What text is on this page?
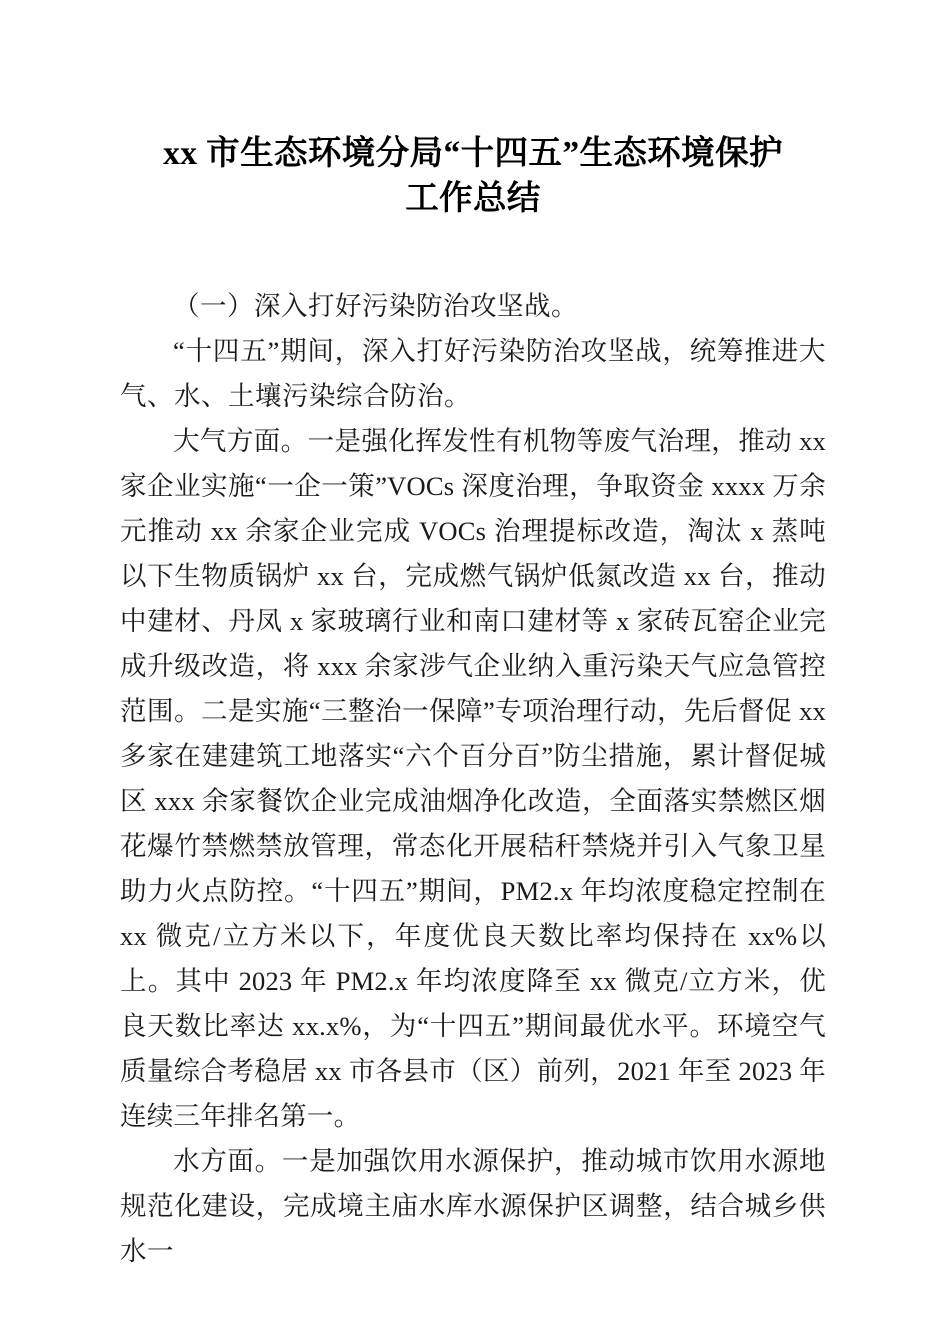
xx 市生态环境分局“十四五”生态环境保护
工作总结

（一）深入打好污染防治攻坚战。

“十四五”期间，深入打好污染防治攻坚战，统筹推进大气、水、土壤污染综合防治。

大气方面。一是强化挥发性有机物等废气治理，推动 xx 家企业实施“一企一策”VOCs 深度治理，争取资金 xxxx 万余元推动 xx 余家企业完成 VOCs 治理提标改造，淘汰 x 蒸吨以下生物质锅炉 xx 台，完成燃气锅炉低氮改造 xx 台，推动中建材、丹凤 x 家玻璃行业和南口建材等 x 家砖瓦窑企业完成升级改造，将 xxx 余家涉气企业纳入重污染天气应急管控范围。二是实施“三整治一保障”专项治理行动，先后督促 xx 多家在建建筑工地落实“六个百分百”防尘措施，累计督促城区 xxx 余家餐饮企业完成油烟净化改造，全面落实禁燃区烟花爆竹禁燃禁放管理，常态化开展秸秆禁烧并引入气象卫星助力火点防控。“十四五”期间，PM2.x 年均浓度稳定控制在 xx 微克/立方米以下，年度优良天数比率均保持在 xx%以上。其中 2023 年 PM2.x 年均浓度降至 xx 微克/立方米，优良天数比率达 xx.x%，为“十四五”期间最优水平。环境空气质量综合考稳居 xx 市各县市（区）前列，2021 年至 2023 年连续三年排名第一。

水方面。一是加强饮用水源保护，推动城市饮用水源地规范化建设，完成境主庙水库水源保护区调整，结合城乡供水一
